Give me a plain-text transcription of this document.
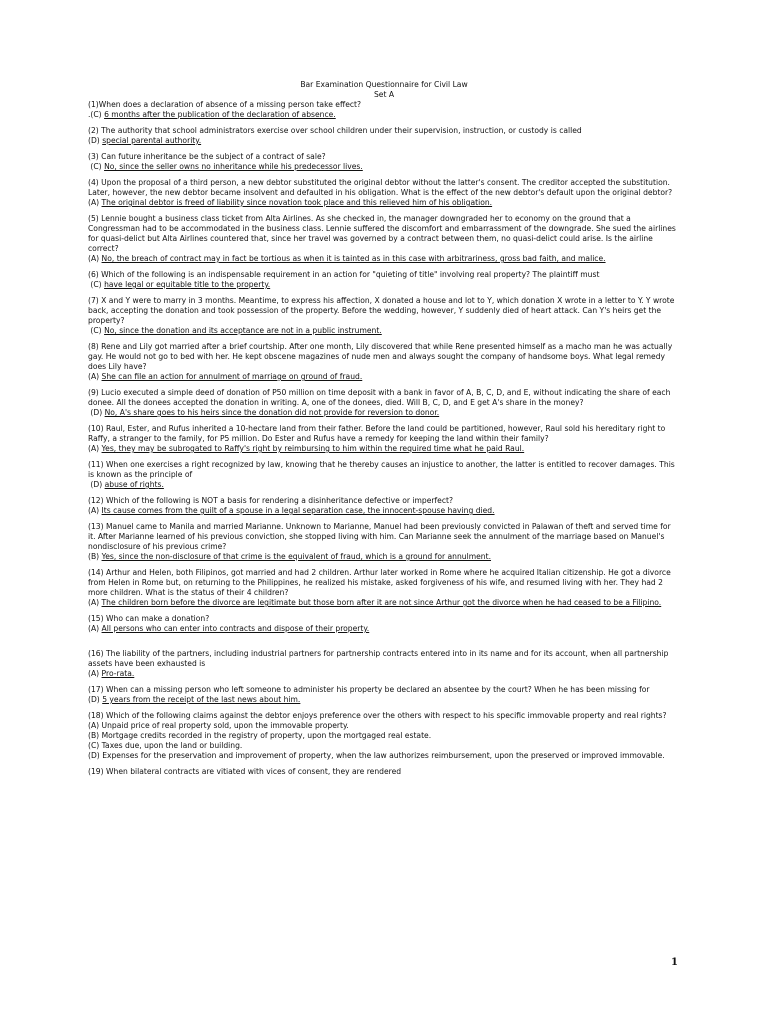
Bar Examination Questionnaire for Civil Law
Set A
(1)When does a declaration of absence of a missing person take effect?
.(C) 6 months after the publication of the declaration of absence.
(2) The authority that school administrators exercise over school children under their supervision, instruction, or custody is called
(D) special parental authority.
(3) Can future inheritance be the subject of a contract of sale?
(C) No, since the seller owns no inheritance while his predecessor lives.
(4) Upon the proposal of a third person, a new debtor substituted the original debtor without the latter's consent. The creditor accepted the substitution. Later, however, the new debtor became insolvent and defaulted in his obligation. What is the effect of the new debtor's default upon the original debtor?
(A) The original debtor is freed of liability since novation took place and this relieved him of his obligation.
(5) Lennie bought a business class ticket from Alta Airlines. As she checked in, the manager downgraded her to economy on the ground that a Congressman had to be accommodated in the business class. Lennie suffered the discomfort and embarrassment of the downgrade. She sued the airlines for quasi-delict but Alta Airlines countered that, since her travel was governed by a contract between them, no quasi-delict could arise. Is the airline correct?
(A) No, the breach of contract may in fact be tortious as when it is tainted as in this case with arbitrariness, gross bad faith, and malice.
(6) Which of the following is an indispensable requirement in an action for "quieting of title" involving real property? The plaintiff must
(C) have legal or equitable title to the property.
(7) X and Y were to marry in 3 months. Meantime, to express his affection, X donated a house and lot to Y, which donation X wrote in a letter to Y. Y wrote back, accepting the donation and took possession of the property. Before the wedding, however, Y suddenly died of heart attack. Can Y's heirs get the property?
(C) No, since the donation and its acceptance are not in a public instrument.
(8) Rene and Lily got married after a brief courtship. After one month, Lily discovered that while Rene presented himself as a macho man he was actually gay. He would not go to bed with her. He kept obscene magazines of nude men and always sought the company of handsome boys. What legal remedy does Lily have?
(A) She can file an action for annulment of marriage on ground of fraud.
(9) Lucio executed a simple deed of donation of P50 million on time deposit with a bank in favor of A, B, C, D, and E, without indicating the share of each donee. All the donees accepted the donation in writing. A, one of the donees, died. Will B, C, D, and E get A's share in the money?
(D) No, A's share goes to his heirs since the donation did not provide for reversion to donor.
(10) Raul, Ester, and Rufus inherited a 10-hectare land from their father. Before the land could be partitioned, however, Raul sold his hereditary right to Raffy, a stranger to the family, for P5 million. Do Ester and Rufus have a remedy for keeping the land within their family?
(A) Yes, they may be subrogated to Raffy's right by reimbursing to him within the required time what he paid Raul.
(11) When one exercises a right recognized by law, knowing that he thereby causes an injustice to another, the latter is entitled to recover damages. This is known as the principle of
(D) abuse of rights.
(12) Which of the following is NOT a basis for rendering a disinheritance defective or imperfect?
(A) Its cause comes from the guilt of a spouse in a legal separation case, the innocent-spouse having died.
(13) Manuel came to Manila and married Marianne. Unknown to Marianne, Manuel had been previously convicted in Palawan of theft and served time for it. After Marianne learned of his previous conviction, she stopped living with him. Can Marianne seek the annulment of the marriage based on Manuel's nondisclosure of his previous crime?
(B) Yes, since the non-disclosure of that crime is the equivalent of fraud, which is a ground for annulment.
(14) Arthur and Helen, both Filipinos, got married and had 2 children. Arthur later worked in Rome where he acquired Italian citizenship. He got a divorce from Helen in Rome but, on returning to the Philippines, he realized his mistake, asked forgiveness of his wife, and resumed living with her. They had 2 more children. What is the status of their 4 children?
(A) The children born before the divorce are legitimate but those born after it are not since Arthur got the divorce when he had ceased to be a Filipino.
(15) Who can make a donation?
(A) All persons who can enter into contracts and dispose of their property.
(16) The liability of the partners, including industrial partners for partnership contracts entered into in its name and for its account, when all partnership assets have been exhausted is
(A) Pro-rata.
(17) When can a missing person who left someone to administer his property be declared an absentee by the court? When he has been missing for
(D) 5 years from the receipt of the last news about him.
(18) Which of the following claims against the debtor enjoys preference over the others with respect to his specific immovable property and real rights?
(A) Unpaid price of real property sold, upon the immovable property.
(B) Mortgage credits recorded in the registry of property, upon the mortgaged real estate.
(C) Taxes due, upon the land or building.
(D) Expenses for the preservation and improvement of property, when the law authorizes reimbursement, upon the preserved or improved immovable.
(19) When bilateral contracts are vitiated with vices of consent, they are rendered
1
